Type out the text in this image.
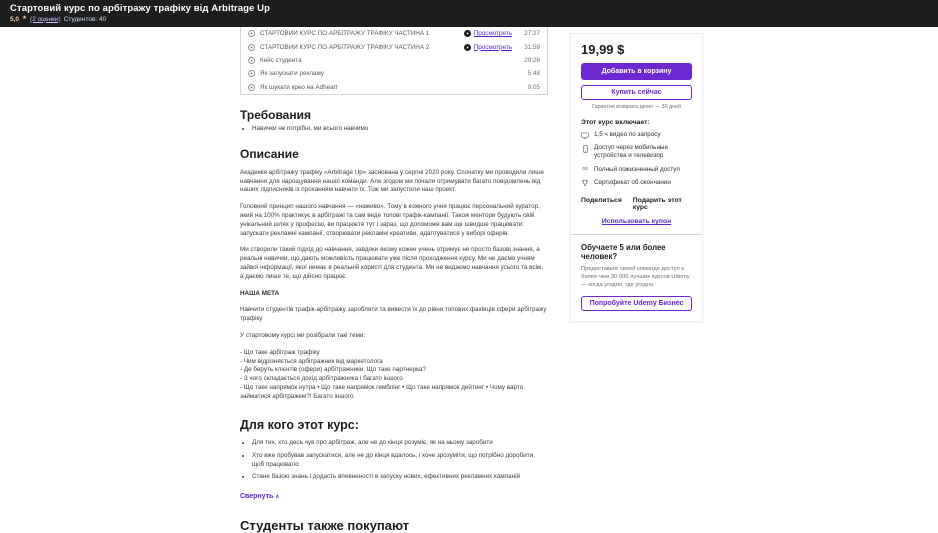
Стартовий курс по арбітражу трафіку від Arbitrage Up
5,0 ★ (2 оценки) Студентов: 40
СТАРТОВИЙ КУРС ПО АРБІТРАЖУ ТРАФІКУ ЧАСТИНА 1	Просмотреть	27:27
СТАРТОВИЙ КУРС ПО АРБІТРАЖУ ТРАФІКУ ЧАСТИНА 2	Просмотреть	31:59
Кейс студента	20:26
Як запускати рекламу	5:48
Як шукати крео на Adheart	9:05
Требования
• Навички не потрібні, ми всього навчимо
Описание

Академія арбітражу трафіку «Arbitrage Up» заснована у серпні 2020 року. Спочатку ми проводили лише навчання для нарощування нашої команди. Але згодом ми почали отримувати багато повідомлень від наших підписників із проханням навчати їх. Тож ми запустили наш проект.

Головний принцип нашого навчання — «наживо». Тому в кожного учня працює персональний куратор, який на 100% практикує в арбітражі та сам веде топові трафік-кампанії. Також ментори будують свій унікальний шлях у професію, ви працюєте тут і зараз, що допоможе вам ще швидше працювати: запускати рекламні кампанії, створювати рекламні креативи, адаптуватися у виборі оферів.

Ми створили такий підхід до навчання, завдяки якому кожен учень отримує не просто базові знання, а реальні навички, що дають можливість працювати уже після проходження курсу. Ми не даємо учням зайвої інформації, якої немає в реальній користі для студента. Ми не видаємо навчання усього та всім, а даємо лише те, що дійсно працює.

НАША МЕТА

Навчити студентів трафік-арбітражу заробляти та вивести їх до рівня топових фахівців сфери арбітражу трафіку

У стартовому курсі ми розібрали такі теми:

- Що таке арбітраж трафіку
- Чим відрізняється арбітражник від маркетолога
- Де беруть клієнтів (офери) арбітражники. Що таке партнерка?
- З чого складається дохід арбітражника і багато іншого
- Що таке напрямок нутра • Що таке напрямок гемблінг • Що таке напрямок дейтинг • Чому варто займатися арбітражем?! Багато іншого
Для кого этот курс:
• Для тих, хто десь чув про арбітраж, але не до кінця розуміє, як на ньому заробити
• Хто вже пробував запускатися, але не до кінця вдалось, і хоче зрозуміти, що потрібно доробити, щоб працювало
• Стане базою знань і додасть впевненості в запуску нових, ефективних рекламних кампаній
Свернуть ∧
Студенты также покупают
19,99 $
Добавить в корзину
Купить сейчас
Гарантия возврата денег — 30 дней
Этот курс включает:
1,5 ч видео по запросу
Доступ через мобильные устройства и телевизор
∞ Полный пожизненный доступ
Сертификат об окончании
Поделиться Подарить этот курс
Использовать купон
Обучаете 5 или более человек?
Предоставьте своей команде доступ к более чем 30 000 лучших курсов Udemy — когда угодно, где угодно.
Попробуйте Udemy Бизнес
